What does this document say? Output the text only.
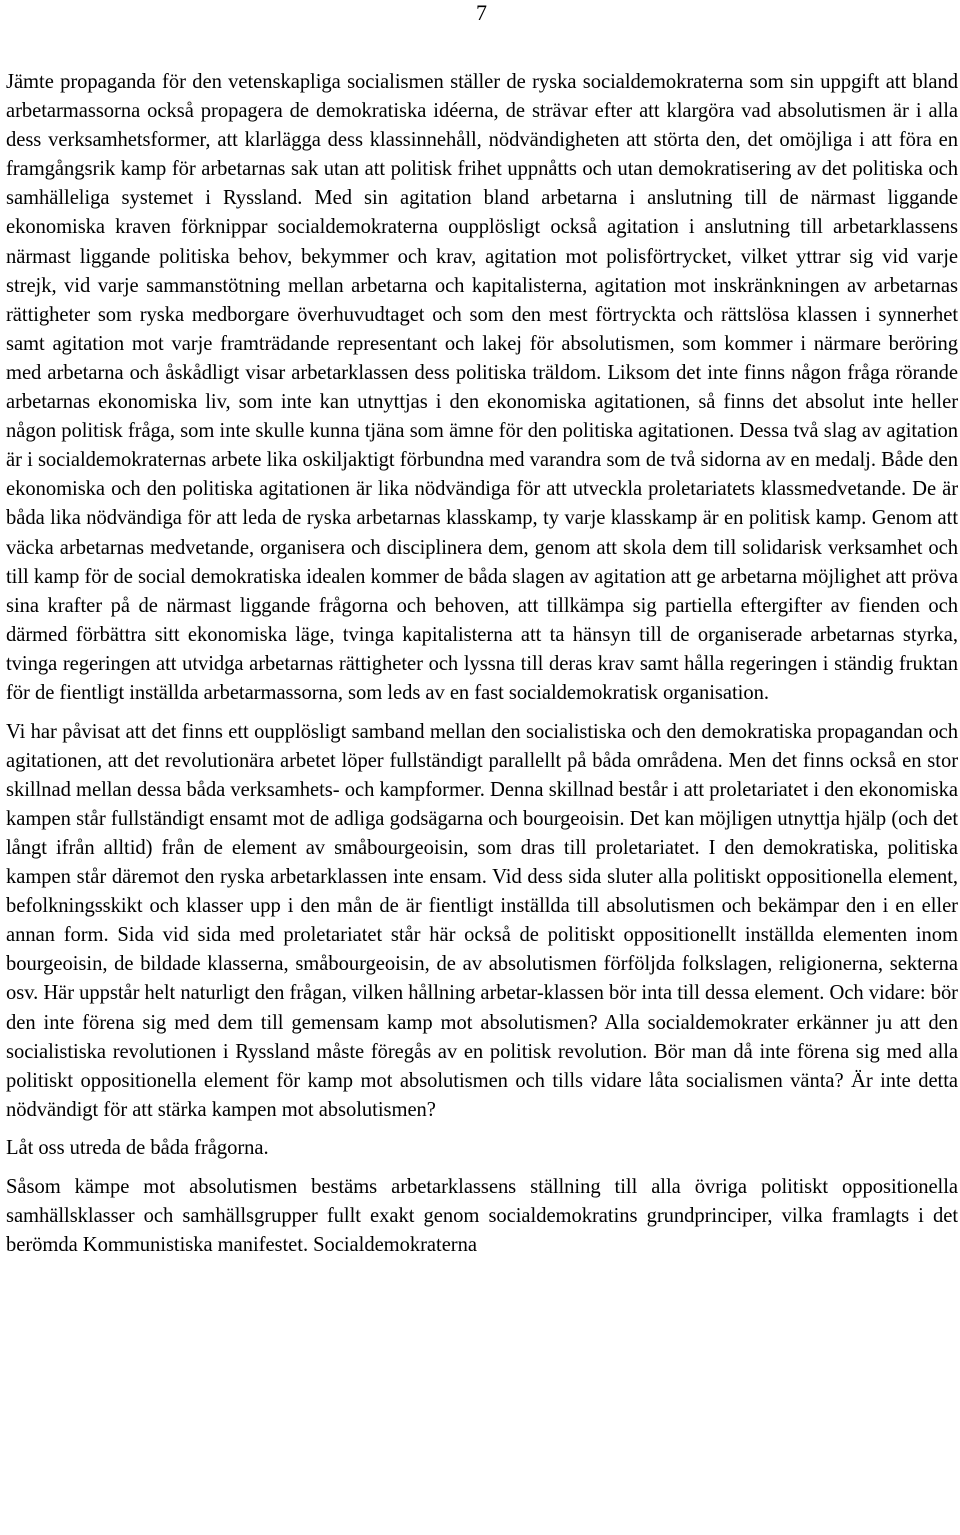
7

Jämte propaganda för den vetenskapliga socialismen ställer de ryska socialdemokraterna som sin uppgift att bland arbetarmassorna också propagera de demokratiska idéerna, de strävar efter att klargöra vad absolutismen är i alla dess verksamhetsformer, att klarlägga dess klassinnehåll, nödvändigheten att störta den, det omöjliga i att föra en framgångsrik kamp för arbetarnas sak utan att politisk frihet uppnåtts och utan demokratisering av det politiska och samhälleliga systemet i Ryssland. Med sin agitation bland arbetarna i anslutning till de närmast liggande ekonomiska kraven förknippar socialdemokraterna oupplösligt också agitation i anslutning till arbetarklassens närmast liggande politiska behov, bekymmer och krav, agitation mot polisförtrycket, vilket yttrar sig vid varje strejk, vid varje sammanstötning mellan arbetarna och kapitalisterna, agitation mot inskränkningen av arbetarnas rättigheter som ryska medborgare överhuvudtaget och som den mest förtryckta och rättslösa klassen i synnerhet samt agitation mot varje framträdande representant och lakej för absolutismen, som kommer i närmare beröring med arbetarna och åskådligt visar arbetarklassen dess politiska träldom. Liksom det inte finns någon fråga rörande arbetarnas ekonomiska liv, som inte kan utnyttjas i den ekonomiska agitationen, så finns det absolut inte heller någon politisk fråga, som inte skulle kunna tjäna som ämne för den politiska agitationen. Dessa två slag av agitation är i socialdemokraternas arbete lika oskiljaktigt förbundna med varandra som de två sidorna av en medalj. Både den ekonomiska och den politiska agitationen är lika nödvändiga för att utveckla proletariatets klassmedvetande. De är båda lika nödvändiga för att leda de ryska arbetarnas klasskamp, ty varje klasskamp är en politisk kamp. Genom att väcka arbetarnas medvetande, organisera och disciplinera dem, genom att skola dem till solidarisk verksamhet och till kamp för de social demokratiska idealen kommer de båda slagen av agitation att ge arbetarna möjlighet att pröva sina krafter på de närmast liggande frågorna och behoven, att tillkämpa sig partiella eftergifter av fienden och därmed förbättra sitt ekonomiska läge, tvinga kapitalisterna att ta hänsyn till de organiserade arbetarnas styrka, tvinga regeringen att utvidga arbetarnas rättigheter och lyssna till deras krav samt hålla regeringen i ständig fruktan för de fientligt inställda arbetarmassorna, som leds av en fast socialdemokratisk organisation.

Vi har påvisat att det finns ett oupplösligt samband mellan den socialistiska och den demokratiska propagandan och agitationen, att det revolutionära arbetet löper fullständigt parallellt på båda områdena. Men det finns också en stor skillnad mellan dessa båda verksamhets- och kampformer. Denna skillnad består i att proletariatet i den ekonomiska kampen står fullständigt ensamt mot de adliga godsägarna och bourgeoisin. Det kan möjligen utnyttja hjälp (och det långt ifrån alltid) från de element av småbourgeoisin, som dras till proletariatet. I den demokratiska, politiska kampen står däremot den ryska arbetarklassen inte ensam. Vid dess sida sluter alla politiskt oppositionella element, befolkningsskikt och klasser upp i den mån de är fientligt inställda till absolutismen och bekämpar den i en eller annan form. Sida vid sida med proletariatet står här också de politiskt oppositionellt inställda elementen inom bourgeoisin, de bildade klasserna, småbourgeoisin, de av absolutismen förföljda folkslagen, religionerna, sekterna osv. Här uppstår helt naturligt den frågan, vilken hållning arbetar-klassen bör inta till dessa element. Och vidare: bör den inte förena sig med dem till gemensam kamp mot absolutismen? Alla socialdemokrater erkänner ju att den socialistiska revolutionen i Ryssland måste föregås av en politisk revolution. Bör man då inte förena sig med alla politiskt oppositionella element för kamp mot absolutismen och tills vidare låta socialismen vänta? Är inte detta nödvändigt för att stärka kampen mot absolutismen?

Låt oss utreda de båda frågorna.

Såsom kämpe mot absolutismen bestäms arbetarklassens ställning till alla övriga politiskt oppositionella samhällsklasser och samhällsgrupper fullt exakt genom socialdemokratins grundprinciper, vilka framlagts i det berömda Kommunistiska manifestet. Socialdemokraterna
